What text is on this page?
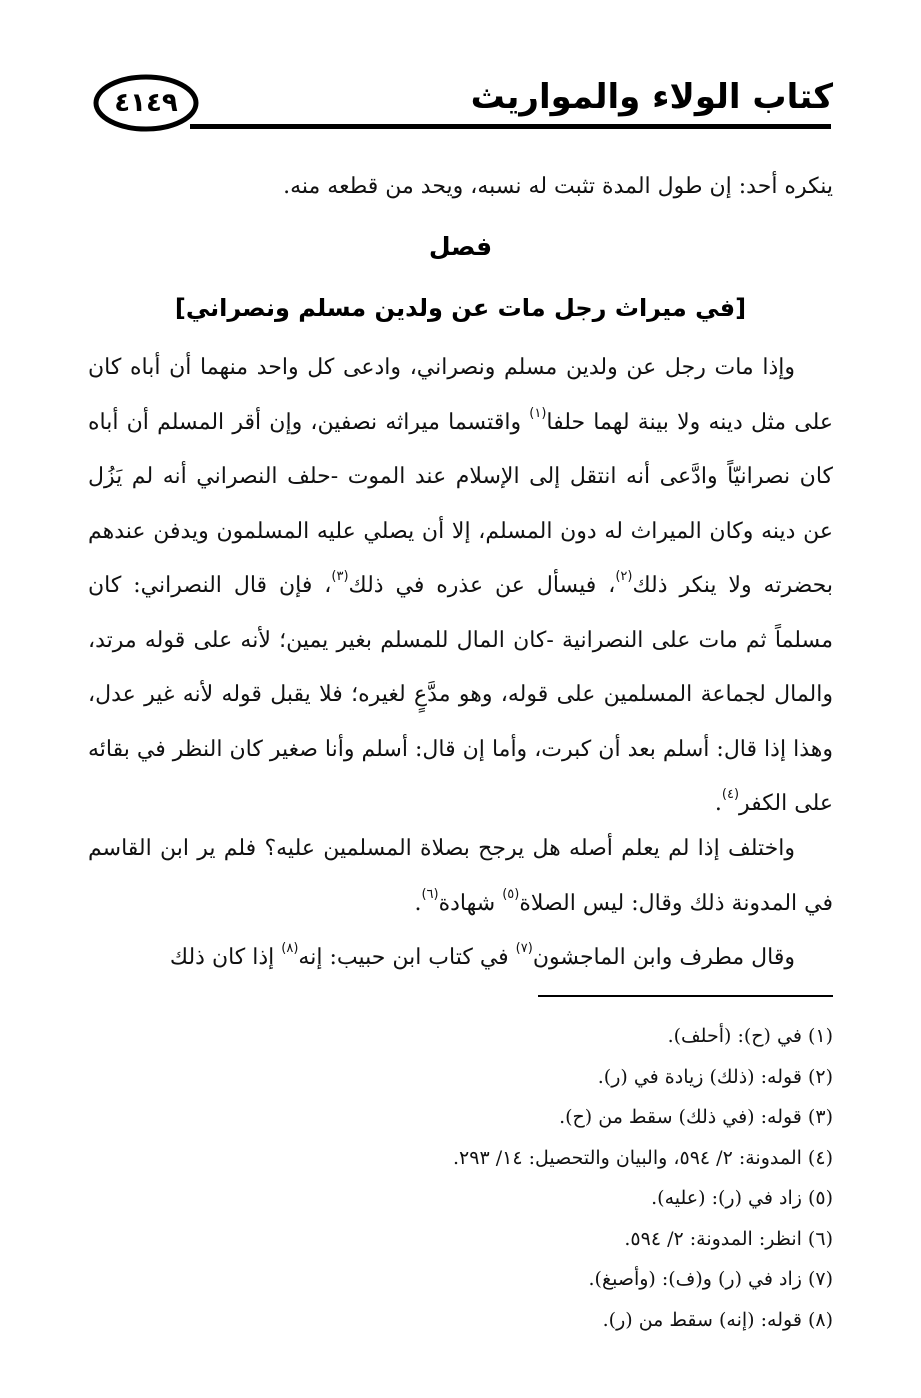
٤١٤٩	كتاب الولاء والمواريث
ينكره أحد: إن طول المدة تثبت له نسبه، ويحد من قطعه منه.
فصل
[في ميراث رجل مات عن ولدين مسلم ونصراني]

وإذا مات رجل عن ولدين مسلم ونصراني، وادعى كل واحد منهما أن أباه كان على مثل دينه ولا بينة لهما حلفا$^{(١)}$ واقتسما ميراثه نصفين، وإن أقر المسلم أن أباه كان نصرانيّاً وادَّعى أنه انتقل إلى الإسلام عند الموت -حلف النصراني أنه لم يَزُل عن دينه وكان الميراث له دون المسلم، إلا أن يصلي عليه المسلمون ويدفن عندهم بحضرته ولا ينكر ذلك$^{(٢)}$، فيسأل عن عذره في ذلك$^{(٣)}$، فإن قال النصراني: كان مسلماً ثم مات على النصرانية -كان المال للمسلم بغير يمين؛ لأنه على قوله مرتد، والمال لجماعة المسلمين على قوله، وهو مدَّعٍ لغيره؛ فلا يقبل قوله لأنه غير عدل، وهذا إذا قال: أسلم بعد أن كبرت، وأما إن قال: أسلم وأنا صغير كان النظر في بقائه على الكفر$^{(٤)}$.

واختلف إذا لم يعلم أصله هل يرجح بصلاة المسلمين عليه؟ فلم ير ابن القاسم في المدونة ذلك وقال: ليس الصلاة$^{(٥)}$ شهادة$^{(٦)}$.

وقال مطرف وابن الماجشون$^{(٧)}$ في كتاب ابن حبيب: إنه$^{(٨)}$ إذا كان ذلك

(١) في (ح): (أحلف).
(٢) قوله: (ذلك) زيادة في (ر).
(٣) قوله: (في ذلك) سقط من (ح).
(٤) المدونة: ٢/ ٥٩٤، والبيان والتحصيل: ١٤/ ٢٩٣.
(٥) زاد في (ر): (عليه).
(٦) انظر: المدونة: ٢/ ٥٩٤.
(٧) زاد في (ر) و(ف): (وأصبغ).
(٨) قوله: (إنه) سقط من (ر).
